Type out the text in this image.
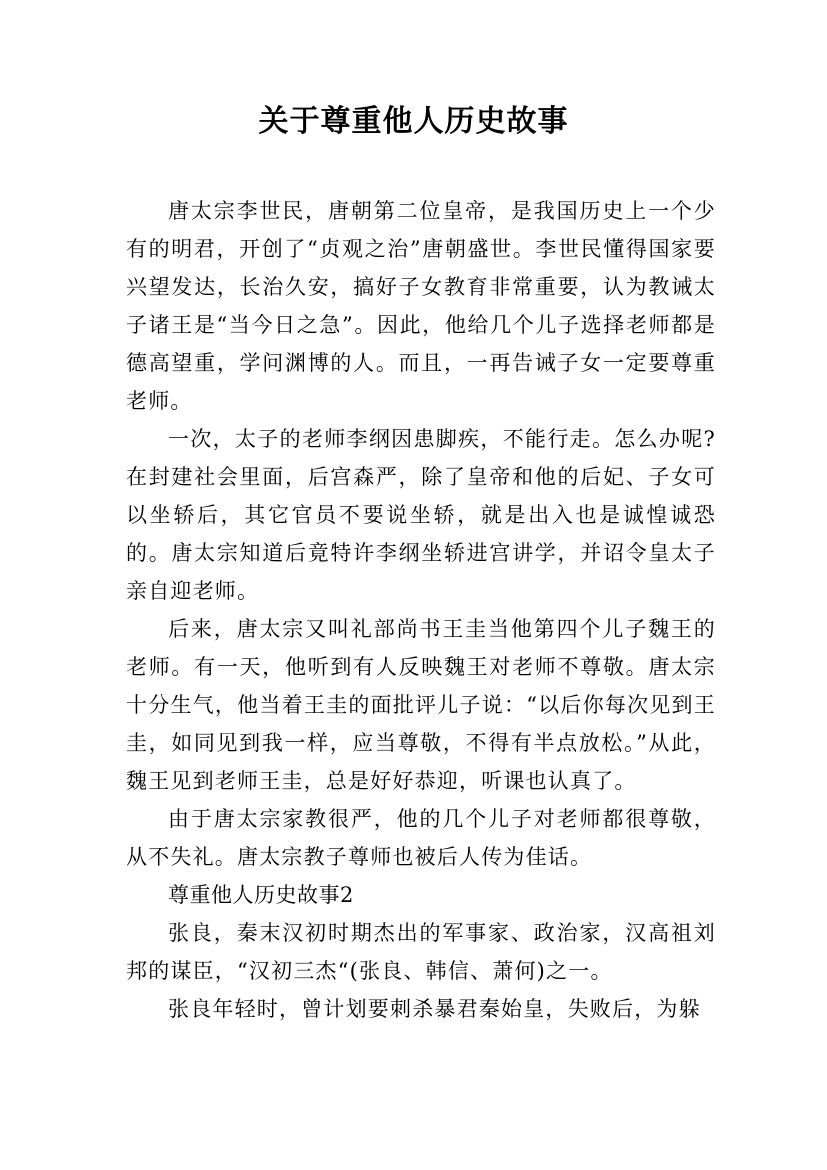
关于尊重他人历史故事

唐太宗李世民，唐朝第二位皇帝，是我国历史上一个少有的明君，开创了“贞观之治”唐朝盛世。李世民懂得国家要兴望发达，长治久安，搞好子女教育非常重要，认为教诫太子诸王是“当今日之急”。因此，他给几个儿子选择老师都是德高望重，学问渊博的人。而且，一再告诫子女一定要尊重老师。

一次，太子的老师李纲因患脚疾，不能行走。怎么办呢?在封建社会里面，后宫森严，除了皇帝和他的后妃、子女可以坐轿后，其它官员不要说坐轿，就是出入也是诚惶诚恐的。唐太宗知道后竟特许李纲坐轿进宫讲学，并诏令皇太子亲自迎老师。

后来，唐太宗又叫礼部尚书王圭当他第四个儿子魏王的老师。有一天，他听到有人反映魏王对老师不尊敬。唐太宗十分生气，他当着王圭的面批评儿子说：“以后你每次见到王圭，如同见到我一样，应当尊敬，不得有半点放松。”从此，魏王见到老师王圭，总是好好恭迎，听课也认真了。

由于唐太宗家教很严，他的几个儿子对老师都很尊敬，从不失礼。唐太宗教子尊师也被后人传为佳话。

尊重他人历史故事2

张良，秦末汉初时期杰出的军事家、政治家，汉高祖刘邦的谋臣，“汉初三杰“(张良、韩信、萧何)之一。

张良年轻时，曾计划要刺杀暴君秦始皇，失败后，为躲
